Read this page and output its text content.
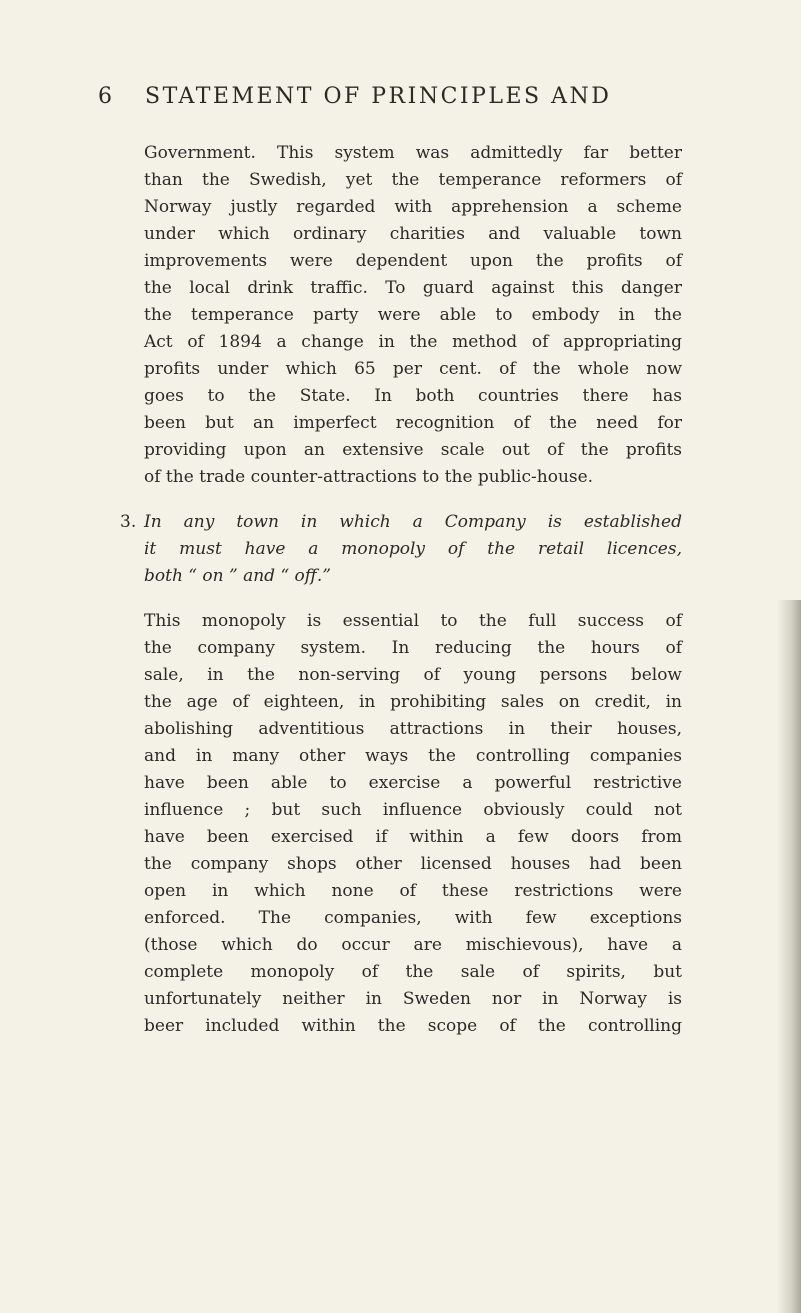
6 STATEMENT OF PRINCIPLES AND
Government. This system was admittedly far better
than the Swedish, yet the temperance reformers of
Norway justly regarded with apprehension a scheme
under which ordinary charities and valuable town
improvements were dependent upon the profits of
the local drink traffic. To guard against this danger
the temperance party were able to embody in the
Act of 1894 a change in the method of appropriating
profits under which 65 per cent. of the whole now
goes to the State. In both countries there has
been but an imperfect recognition of the need for
providing upon an extensive scale out of the profits
of the trade counter-attractions to the public-house.
3. In any town in which a Company is established
it must have a monopoly of the retail licences,
both “ on ” and “ off.”
This monopoly is essential to the full success of
the company system. In reducing the hours of
sale, in the non-serving of young persons below
the age of eighteen, in prohibiting sales on credit, in
abolishing adventitious attractions in their houses,
and in many other ways the controlling companies
have been able to exercise a powerful restrictive
influence ; but such influence obviously could not
have been exercised if within a few doors from
the company shops other licensed houses had been
open in which none of these restrictions were
enforced. The companies, with few exceptions
(those which do occur are mischievous), have a
complete monopoly of the sale of spirits, but
unfortunately neither in Sweden nor in Norway is
beer included within the scope of the controlling
